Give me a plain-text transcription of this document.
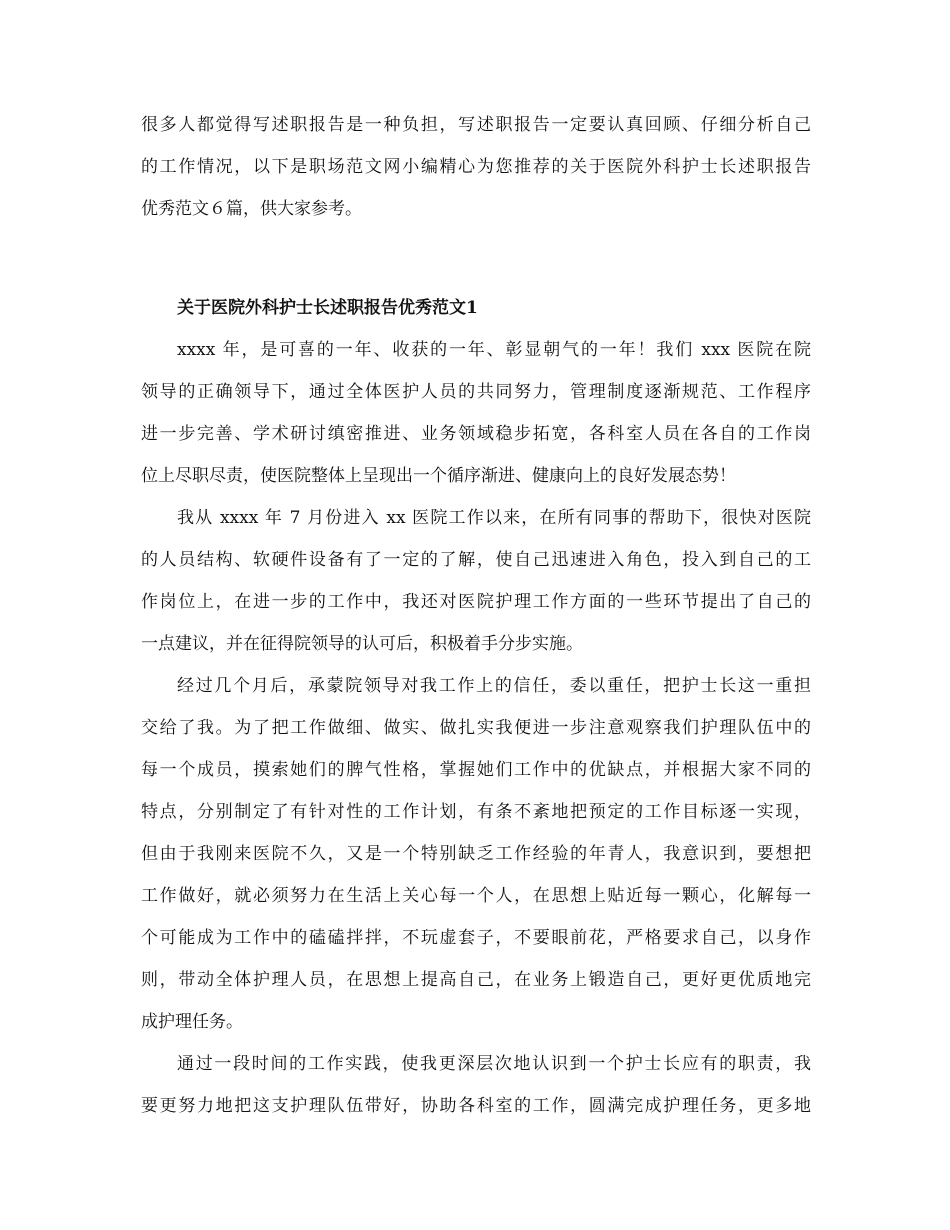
很多人都觉得写述职报告是一种负担，写述职报告一定要认真回顾、仔细分析自己
的工作情况，以下是职场范文网小编精心为您推荐的关于医院外科护士长述职报告
优秀范文６篇，供大家参考。
关于医院外科护士长述职报告优秀范文1
xxxx 年，是可喜的一年、收获的一年、彰显朝气的一年！我们 xxx 医院在院
领导的正确领导下，通过全体医护人员的共同努力，管理制度逐渐规范、工作程序
进一步完善、学术研讨缜密推进、业务领域稳步拓宽，各科室人员在各自的工作岗
位上尽职尽责，使医院整体上呈现出一个循序渐进、健康向上的良好发展态势！
我从 xxxx 年 7 月份进入 xx 医院工作以来，在所有同事的帮助下，很快对医院
的人员结构、软硬件设备有了一定的了解，使自己迅速进入角色，投入到自己的工
作岗位上，在进一步的工作中，我还对医院护理工作方面的一些环节提出了自己的
一点建议，并在征得院领导的认可后，积极着手分步实施。
经过几个月后，承蒙院领导对我工作上的信任，委以重任，把护士长这一重担
交给了我。为了把工作做细、做实、做扎实我便进一步注意观察我们护理队伍中的
每一个成员，摸索她们的脾气性格，掌握她们工作中的优缺点，并根据大家不同的
特点，分别制定了有针对性的工作计划，有条不紊地把预定的工作目标逐一实现，
但由于我刚来医院不久，又是一个特别缺乏工作经验的年青人，我意识到，要想把
工作做好，就必须努力在生活上关心每一个人，在思想上贴近每一颗心，化解每一
个可能成为工作中的磕磕拌拌，不玩虚套子，不要眼前花，严格要求自己，以身作
则，带动全体护理人员，在思想上提高自己，在业务上锻造自己，更好更优质地完
成护理任务。
通过一段时间的工作实践，使我更深层次地认识到一个护士长应有的职责，我
要更努力地把这支护理队伍带好，协助各科室的工作，圆满完成护理任务，更多地
